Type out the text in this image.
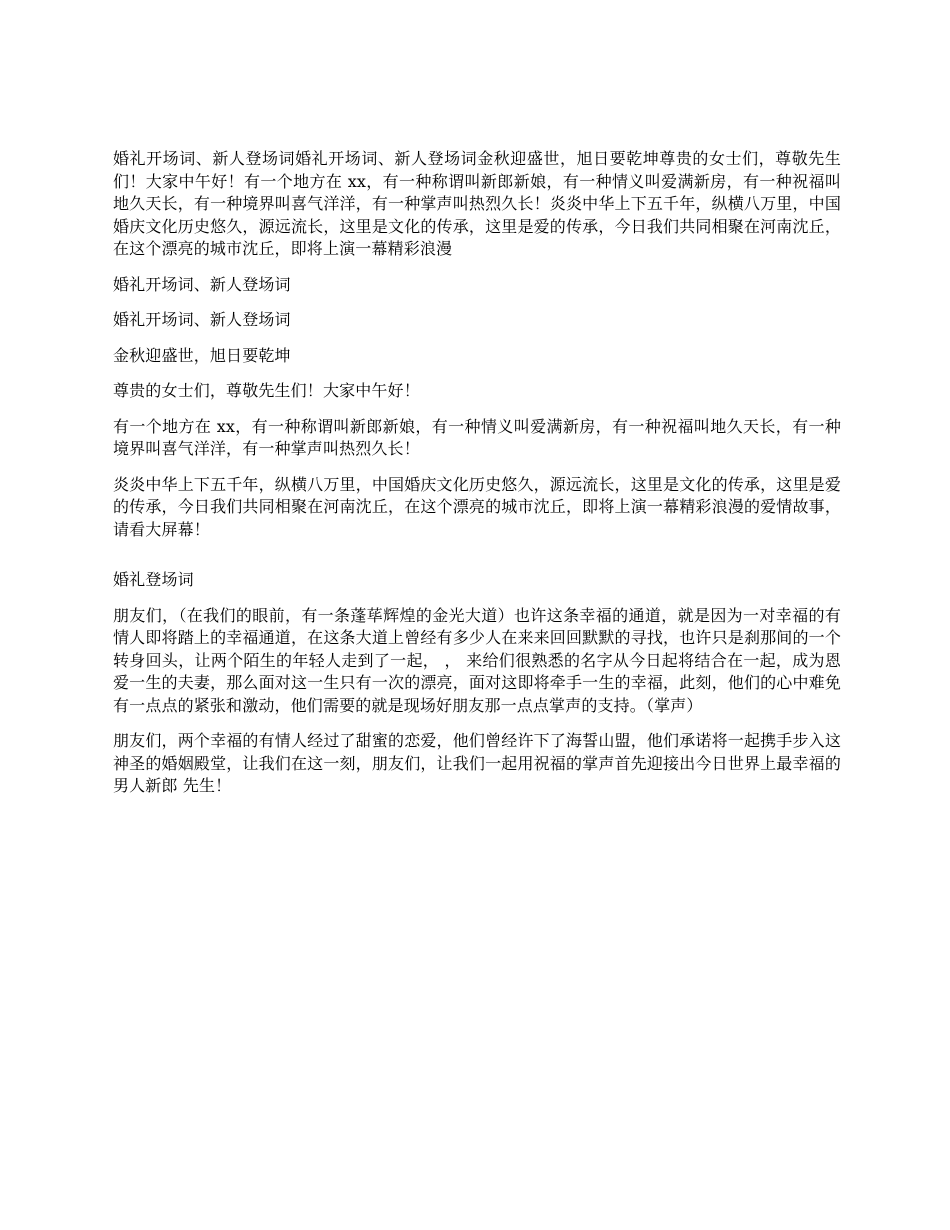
婚礼开场词、新人登场词婚礼开场词、新人登场词金秋迎盛世，旭日要乾坤尊贵的女士们，尊敬先生们！大家中午好！有一个地方在 xx，有一种称谓叫新郎新娘，有一种情义叫爱满新房，有一种祝福叫地久天长，有一种境界叫喜气洋洋，有一种掌声叫热烈久长！炎炎中华上下五千年，纵横八万里，中国婚庆文化历史悠久，源远流长，这里是文化的传承，这里是爱的传承，今日我们共同相聚在河南沈丘，在这个漂亮的城市沈丘，即将上演一幕精彩浪漫

婚礼开场词、新人登场词

婚礼开场词、新人登场词

金秋迎盛世，旭日要乾坤

尊贵的女士们，尊敬先生们！大家中午好！

有一个地方在 xx，有一种称谓叫新郎新娘，有一种情义叫爱满新房，有一种祝福叫地久天长，有一种境界叫喜气洋洋，有一种掌声叫热烈久长！

炎炎中华上下五千年，纵横八万里，中国婚庆文化历史悠久，源远流长，这里是文化的传承，这里是爱的传承，今日我们共同相聚在河南沈丘，在这个漂亮的城市沈丘，即将上演一幕精彩浪漫的爱情故事，请看大屏幕！

婚礼登场词

朋友们，（在我们的眼前，有一条蓬荜辉煌的金光大道）也许这条幸福的通道，就是因为一对幸福的有情人即将踏上的幸福通道，在这条大道上曾经有多少人在来来回回默默的寻找，也许只是刹那间的一个转身回头，让两个陌生的年轻人走到了一起， ， 来给们很熟悉的名字从今日起将结合在一起，成为恩爱一生的夫妻，那么面对这一生只有一次的漂亮，面对这即将牵手一生的幸福，此刻，他们的心中难免有一点点的紧张和激动，他们需要的就是现场好朋友那一点点掌声的支持。（掌声）

朋友们，两个幸福的有情人经过了甜蜜的恋爱，他们曾经许下了海誓山盟，他们承诺将一起携手步入这神圣的婚姻殿堂，让我们在这一刻，朋友们，让我们一起用祝福的掌声首先迎接出今日世界上最幸福的男人新郎 先生！
